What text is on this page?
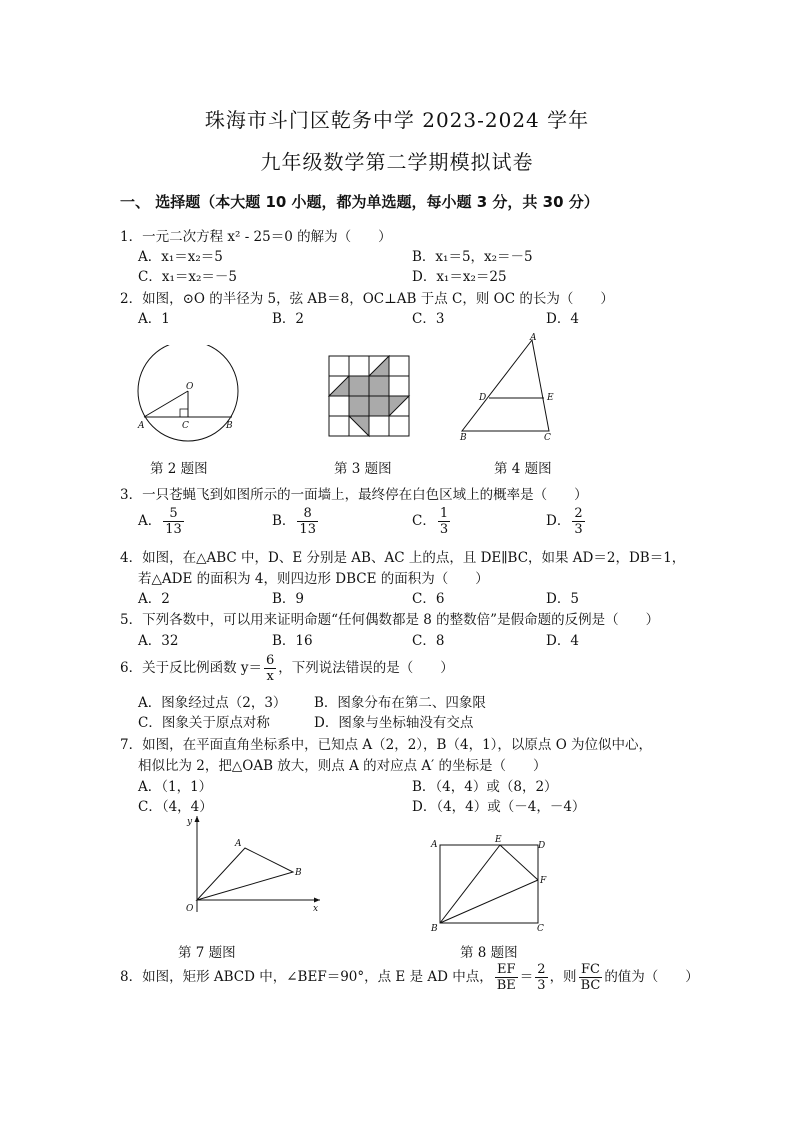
珠海市斗门区乾务中学 2023-2024 学年
九年级数学第二学期模拟试卷
一、 选择题（本大题 10 小题，都为单选题，每小题 3 分，共 30 分）
1．一元二次方程 x² - 25＝0 的解为（　　）
A．x₁＝x₂＝5	B．x₁＝5，x₂＝－5
C．x₁＝x₂＝－5	D．x₁＝x₂＝25
2．如图，⊙O 的半径为 5，弦 AB＝8，OC⊥AB 于点 C，则 OC 的长为（　　）
A．1	B．2	C．3	D．4
O
A	B
C
第 2 题图	第 3 题图
A
B	C
D	E
第 4 题图
3．一只苍蝇飞到如图所示的一面墙上，最终停在白色区域上的概率是（　　）
A． $\frac{5}{13}$	B． $\frac{8}{13}$	C． $\frac{1}{3}$	D． $\frac{2}{3}$
4．如图，在△ABC 中，D、E 分别是 AB、AC 上的点，且 DE∥BC，如果 AD＝2，DB＝1，
若△ADE 的面积为 4，则四边形 DBCE 的面积为（　　）
A．2	B．9	C．6	D．5
5．下列各数中，可以用来证明命题“任何偶数都是 8 的整数倍”是假命题的反例是（　　）
A．32	B．16	C．8	D．4
6．关于反比例函数 $y= \frac{6}{x}$ ，下列说法错误的是（　　）
A．图象经过点（2，3） B．图象分布在第二、四象限
C．图象关于原点对称	D．图象与坐标轴没有交点
7．如图，在平面直角坐标系中，已知点 A（2，2），B（4，1），以原点 O 为位似中心，
相似比为 2，把△OAB 放大，则点 A 的对应点 A′ 的坐标是（　　）
A．（1，1）	B．（4，4）或（8，2）
C．（4，4）	D．（4，4）或（－4，－4）
y
x
O
A
B
第 7 题图
A
B	C
D
E
F
第 8 题图
8．如图，矩形 ABCD 中，∠BEF＝90°，点 E 是 AD 中点， $\frac{EF}{BE} = \frac{2}{3}$ ，则 $\frac{FC}{BC}$ 的值为（　　）
